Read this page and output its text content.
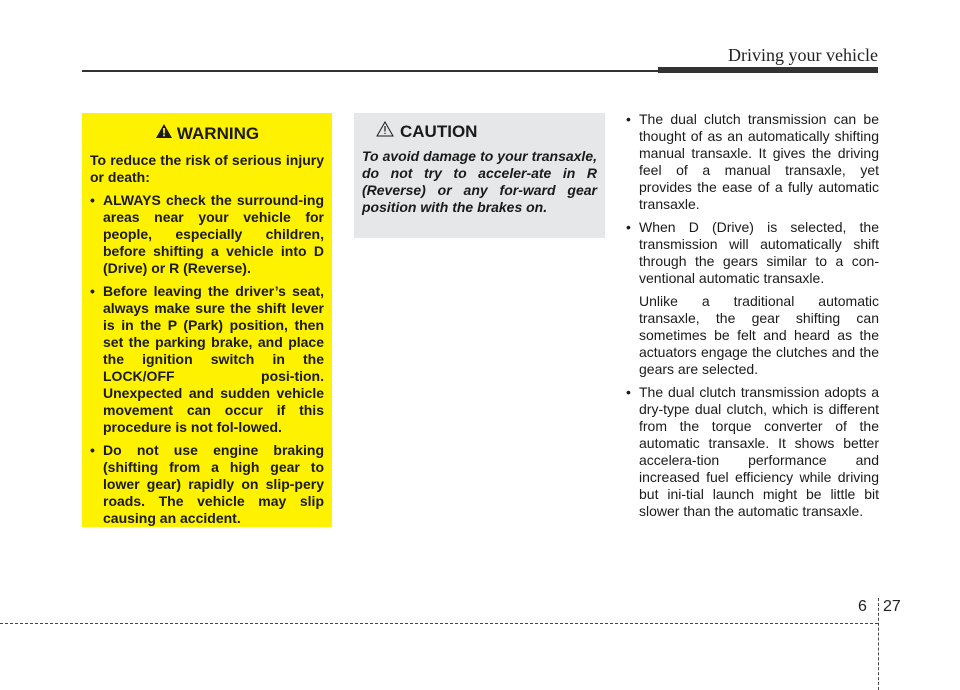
Driving your vehicle
WARNING

To reduce the risk of serious injury or death:

• ALWAYS check the surround-ing areas near your vehicle for people, especially children, before shifting a vehicle into D (Drive) or R (Reverse).
• Before leaving the driver’s seat, always make sure the shift lever is in the P (Park) position, then set the parking brake, and place the ignition switch in the LOCK/OFF posi-tion. Unexpected and sudden vehicle movement can occur if this procedure is not fol-lowed.
• Do not use engine braking (shifting from a high gear to lower gear) rapidly on slip-pery roads. The vehicle may slip causing an accident.
CAUTION

To avoid damage to your transaxle, do not try to acceler-ate in R (Reverse) or any for-ward gear position with the brakes on.

• The dual clutch transmission can be thought of as an automatically shifting manual transaxle. It gives the driving feel of a manual transaxle, yet provides the ease of a fully automatic transaxle.
• When D (Drive) is selected, the transmission will automatically shift through the gears similar to a con-ventional automatic transaxle.

Unlike a traditional automatic transaxle, the gear shifting can sometimes be felt and heard as the actuators engage the clutches and the gears are selected.

• The dual clutch transmission adopts a dry-type dual clutch, which is different from the torque converter of the automatic transaxle. It shows better accelera-tion performance and increased fuel efficiency while driving but ini-tial launch might be little bit slower than the automatic transaxle.
6 27
